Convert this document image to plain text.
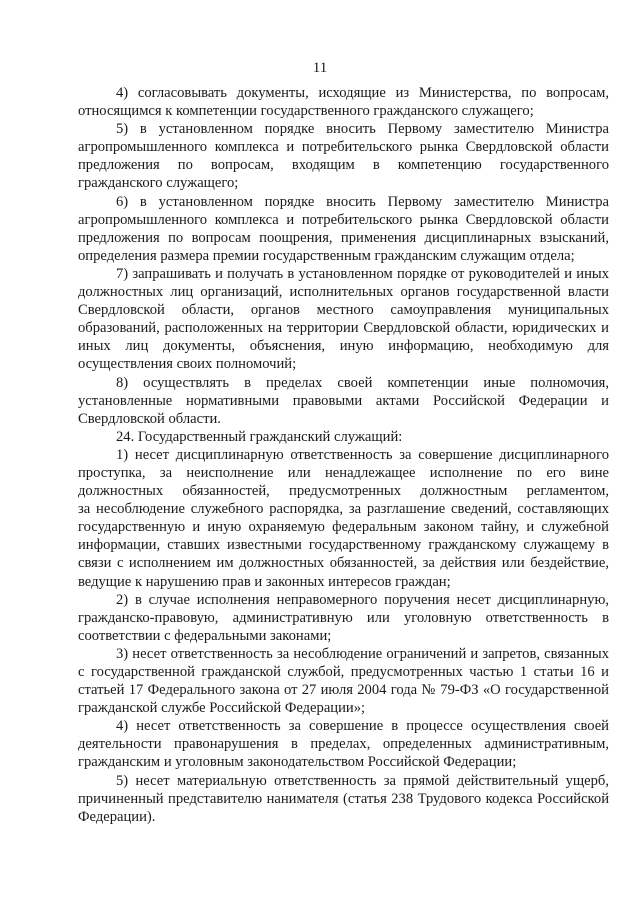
11

4) согласовывать документы, исходящие из Министерства, по вопросам, относящимся к компетенции государственного гражданского служащего;

5) в установленном порядке вносить Первому заместителю Министра агропромышленного комплекса и потребительского рынка Свердловской области предложения по вопросам, входящим в компетенцию государственного гражданского служащего;

6) в установленном порядке вносить Первому заместителю Министра агропромышленного комплекса и потребительского рынка Свердловской области предложения по вопросам поощрения, применения дисциплинарных взысканий, определения размера премии государственным гражданским служащим отдела;

7) запрашивать и получать в установленном порядке от руководителей и иных должностных лиц организаций, исполнительных органов государственной власти Свердловской области, органов местного самоуправления муниципальных образований, расположенных на территории Свердловской области, юридических и иных лиц документы, объяснения, иную информацию, необходимую для осуществления своих полномочий;

8) осуществлять в пределах своей компетенции иные полномочия, установленные нормативными правовыми актами Российской Федерации и Свердловской области.

24. Государственный гражданский служащий:

1) несет дисциплинарную ответственность за совершение дисциплинарного проступка, за неисполнение или ненадлежащее исполнение по его вине должностных обязанностей, предусмотренных должностным регламентом, за несоблюдение служебного распорядка, за разглашение сведений, составляющих государственную и иную охраняемую федеральным законом тайну, и служебной информации, ставших известными государственному гражданскому служащему в связи с исполнением им должностных обязанностей, за действия или бездействие, ведущие к нарушению прав и законных интересов граждан;

2) в случае исполнения неправомерного поручения несет дисциплинарную, гражданско-правовую, административную или уголовную ответственность в соответствии с федеральными законами;

3) несет ответственность за несоблюдение ограничений и запретов, связанных с государственной гражданской службой, предусмотренных частью 1 статьи 16 и статьей 17 Федерального закона от 27 июля 2004 года № 79-ФЗ «О государственной гражданской службе Российской Федерации»;

4) несет ответственность за совершение в процессе осуществления своей деятельности правонарушения в пределах, определенных административным, гражданским и уголовным законодательством Российской Федерации;

5) несет материальную ответственность за прямой действительный ущерб, причиненный представителю нанимателя (статья 238 Трудового кодекса Российской Федерации).
